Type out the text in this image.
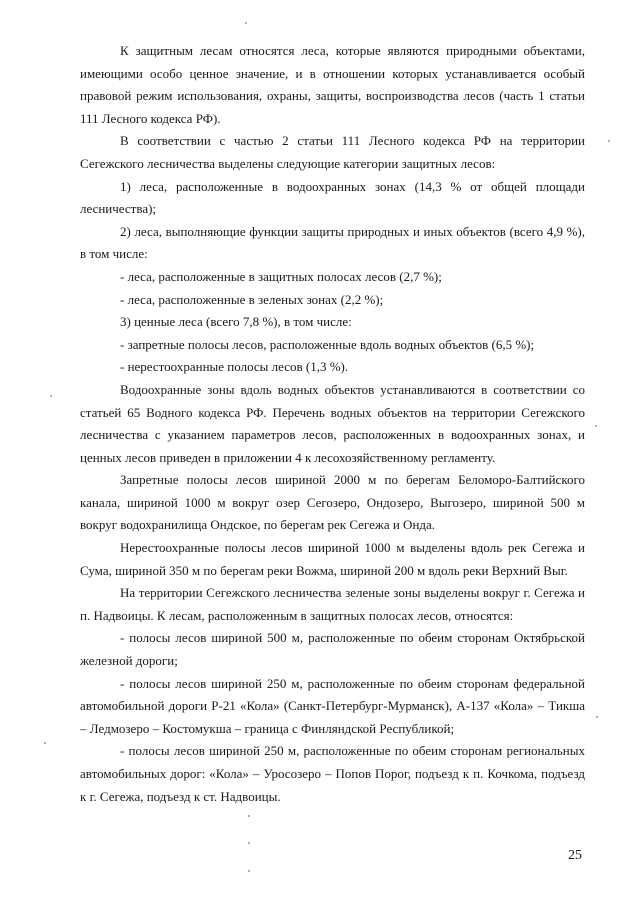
К защитным лесам относятся леса, которые являются природными объектами, имеющими особо ценное значение, и в отношении которых устанавливается особый правовой режим использования, охраны, защиты, воспроизводства лесов (часть 1 статьи 111 Лесного кодекса РФ).

В соответствии с частью 2 статьи 111 Лесного кодекса РФ на территории Сегежского лесничества выделены следующие категории защитных лесов:

1) леса, расположенные в водоохранных зонах (14,3 % от общей площади лесничества);

2) леса, выполняющие функции защиты природных и иных объектов (всего 4,9 %), в том числе:

- леса, расположенные в защитных полосах лесов (2,7 %);

- леса, расположенные в зеленых зонах (2,2 %);

3) ценные леса (всего 7,8 %), в том числе:

- запретные полосы лесов, расположенные вдоль водных объектов (6,5 %);

- нерестоохранные полосы лесов (1,3 %).

Водоохранные зоны вдоль водных объектов устанавливаются в соответствии со статьей 65 Водного кодекса РФ. Перечень водных объектов на территории Сегежского лесничества с указанием параметров лесов, расположенных в водоохранных зонах, и ценных лесов приведен в приложении 4 к лесохозяйственному регламенту.

Запретные полосы лесов шириной 2000 м по берегам Беломоро-Балтийского канала, шириной 1000 м вокруг озер Сегозеро, Ондозеро, Выгозеро, шириной 500 м вокруг водохранилища Ондское, по берегам рек Сегежа и Онда.

Нерестоохранные полосы лесов шириной 1000 м выделены вдоль рек Сегежа и Сума, шириной 350 м по берегам реки Вожма, шириной 200 м вдоль реки Верхний Выг.

На территории Сегежского лесничества зеленые зоны выделены вокруг г. Сегежа и п. Надвоицы. К лесам, расположенным в защитных полосах лесов, относятся:

- полосы лесов шириной 500 м, расположенные по обеим сторонам Октябрьской железной дороги;

- полосы лесов шириной 250 м, расположенные по обеим сторонам федеральной автомобильной дороги Р-21 «Кола» (Санкт-Петербург-Мурманск), А-137 «Кола» – Тикша – Ледмозеро – Костомукша – граница с Финляндской Республикой;

- полосы лесов шириной 250 м, расположенные по обеим сторонам региональных автомобильных дорог: «Кола» – Уросозеро – Попов Порог, подъезд к п. Кочкома, подъезд к г. Сегежа, подъезд к ст. Надвоицы.

25
